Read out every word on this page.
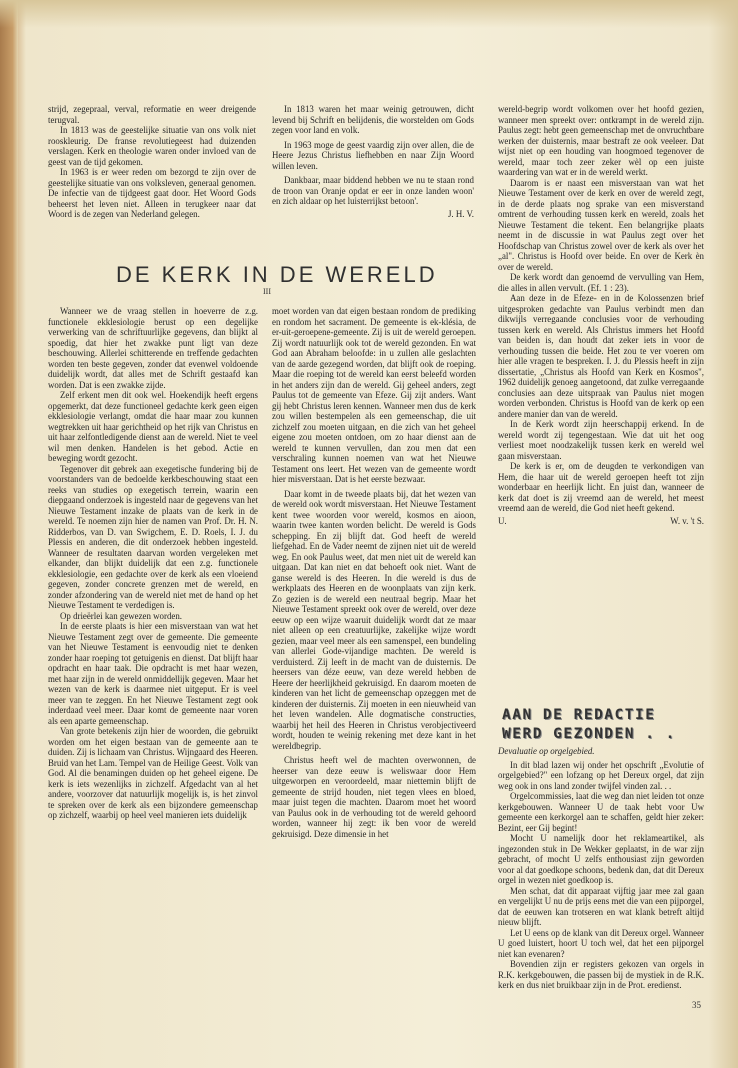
strijd, zegepraal, verval, reformatie en weer dreigende terugval.

In 1813 was de geestelijke situatie van ons volk niet rooskleurig. De franse revolutiegeest had duizenden verslagen. Kerk en theologie waren onder invloed van de geest van de tijd gekomen.

In 1963 is er weer reden om bezorgd te zijn over de geestelijke situatie van ons volksleven, generaal genomen. De infectie van de tijdgeest gaat door. Het Woord Gods beheerst het leven niet. Alleen in terugkeer naar dat Woord is de zegen van Nederland gelegen.

In 1813 waren het maar weinig getrouwen, dicht levend bij Schrift en belijdenis, die worstelden om Gods zegen voor land en volk.

In 1963 moge de geest vaardig zijn over allen, die de Heere Jezus Christus liefhebben en naar Zijn Woord willen leven.

Dankbaar, maar biddend hebben we nu te staan rond de troon van Oranje opdat er eer in onze landen woon' en zich aldaar op het luisterrijkst betoon'.

J. H. V.
DE KERK IN DE WERELD
III

Wanneer we de vraag stellen in hoeverre de z.g. functionele ekklesiologie berust op een degelijke verwerking van de schriftuurlijke gegevens, dan blijkt al spoedig, dat hier het zwakke punt ligt van deze beschouwing. Allerlei schitterende en treffende gedachten worden ten beste gegeven, zonder dat evenwel voldoende duidelijk wordt, dat alles met de Schrift gestaafd kan worden. Dat is een zwakke zijde.

Zelf erkent men dit ook wel. Hoekendijk heeft ergens opgemerkt, dat deze functioneel gedachte kerk geen eigen ekklesiologie verlangt, omdat die haar maar zou kunnen wegtrekken uit haar gerichtheid op het rijk van Christus en uit haar zelfontledigende dienst aan de wereld. Niet te veel wil men denken. Handelen is het gebod. Actie en beweging wordt gezocht.

Tegenover dit gebrek aan exegetische fundering bij de voorstanders van de bedoelde kerkbeschouwing staat een reeks van studies op exegetisch terrein, waarin een diepgaand onderzoek is ingesteld naar de gegevens van het Nieuwe Testament inzake de plaats van de kerk in de wereld. Te noemen zijn hier de namen van Prof. Dr. H. N. Ridderbos, van D. van Swigchem, E. D. Roels, I. J. du Plessis en anderen, die dit onderzoek hebben ingesteld. Wanneer de resultaten daarvan worden vergeleken met elkander, dan blijkt duidelijk dat een z.g. functionele ekklesiologie, een gedachte over de kerk als een vloeiend gegeven, zonder concrete grenzen met de wereld, en zonder afzondering van de wereld niet met de hand op het Nieuwe Testament te verdedigen is.

Op drieërlei kan gewezen worden.

In de eerste plaats is hier een misverstaan van wat het Nieuwe Testament zegt over de gemeente. Die gemeente van het Nieuwe Testament is eenvoudig niet te denken zonder haar roeping tot getuigenis en dienst. Dat blijft haar opdracht en haar taak. Die opdracht is met haar wezen, met haar zijn in de wereld onmiddellijk gegeven. Maar het wezen van de kerk is daarmee niet uitgeput. Er is veel meer van te zeggen. En het Nieuwe Testament zegt ook inderdaad veel meer. Daar komt de gemeente naar voren als een aparte gemeenschap.

Van grote betekenis zijn hier de woorden, die gebruikt worden om het eigen bestaan van de gemeente aan te duiden. Zij is lichaam van Christus. Wijngaard des Heeren. Bruid van het Lam. Tempel van de Heilige Geest. Volk van God. Al die benamingen duiden op het geheel eigene. De kerk is iets wezenlijks in zichzelf. Afgedacht van al het andere, voorzover dat natuurlijk mogelijk is, is het zinvol te spreken over de kerk als een bijzondere gemeenschap op zichzelf, waarbij op heel veel manieren iets duidelijk

moet worden van dat eigen bestaan rondom de prediking en rondom het sacrament. De gemeente is ek-klésia, de er-uit-geroepene-gemeente. Zij is uit de wereld geroepen. Zij wordt natuurlijk ook tot de wereld gezonden. En wat God aan Abraham beloofde: in u zullen alle geslachten van de aarde gezegend worden, dat blijft ook de roeping. Maar die roeping tot de wereld kan eerst beleefd worden in het anders zijn dan de wereld. Gij geheel anders, zegt Paulus tot de gemeente van Efeze. Gij zijt anders. Want gij hebt Christus leren kennen. Wanneer men dus de kerk zou willen bestempelen als een gemeenschap, die uit zichzelf zou moeten uitgaan, en die zich van het geheel eigene zou moeten ontdoen, om zo haar dienst aan de wereld te kunnen vervullen, dan zou men dat een verschraling kunnen noemen van wat het Nieuwe Testament ons leert. Het wezen van de gemeente wordt hier misverstaan. Dat is het eerste bezwaar.

Daar komt in de tweede plaats bij, dat het wezen van de wereld ook wordt misverstaan. Het Nieuwe Testament kent twee woorden voor wereld, kosmos en aioon, waarin twee kanten worden belicht. De wereld is Gods schepping. En zij blijft dat. God heeft de wereld liefgehad. En de Vader neemt de zijnen niet uit de wereld weg. En ook Paulus weet, dat men niet uit de wereld kan uitgaan. Dat kan niet en dat behoeft ook niet. Want de ganse wereld is des Heeren. In die wereld is dus de werkplaats des Heeren en de woonplaats van zijn kerk. Zo gezien is de wereld een neutraal begrip. Maar het Nieuwe Testament spreekt ook over de wereld, over deze eeuw op een wijze waaruit duidelijk wordt dat ze maar niet alleen op een creatuurlijke, zakelijke wijze wordt gezien, maar veel meer als een samenspel, een bundeling van allerlei Gode-vijandige machten. De wereld is verduisterd. Zij leeft in de macht van de duisternis. De heersers van déze eeuw, van deze wereld hebben de Heere der heerlijkheid gekruisigd. En daarom moeten de kinderen van het licht de gemeenschap opzeggen met de kinderen der duisternis. Zij moeten in een nieuwheid van het leven wandelen. Alle dogmatische constructies, waarbij het heil des Heeren in Christus verobjectiveerd wordt, houden te weinig rekening met deze kant in het wereldbegrip.

Christus heeft wel de machten overwonnen, de heerser van deze eeuw is weliswaar door Hem uitgeworpen en veroordeeld, maar niettemin blijft de gemeente de strijd houden, niet tegen vlees en bloed, maar juist tegen die machten. Daarom moet het woord van Paulus ook in de verhouding tot de wereld gehoord worden, wanneer hij zegt: ik ben voor de wereld gekruisigd. Deze dimensie in het

wereld-begrip wordt volkomen over het hoofd gezien, wanneer men spreekt over: ontkrampt in de wereld zijn. Paulus zegt: hebt geen gemeenschap met de onvruchtbare werken der duisternis, maar bestraft ze ook veeleer. Dat wijst niet op een houding van hoogmoed tegenover de wereld, maar toch zeer zeker wèl op een juiste waardering van wat er in de wereld werkt.

Daarom is er naast een misverstaan van wat het Nieuwe Testament over de kerk en over de wereld zegt, in de derde plaats nog sprake van een misverstand omtrent de verhouding tussen kerk en wereld, zoals het Nieuwe Testament die tekent. Een belangrijke plaats neemt in de discussie in wat Paulus zegt over het Hoofdschap van Christus zowel over de kerk als over het „al". Christus is Hoofd over beide. En over de Kerk èn over de wereld.

De kerk wordt dan genoemd de vervulling van Hem, die alles in allen vervult. (Ef. 1 : 23).

Aan deze in de Efeze- en in de Kolossenzen brief uitgesproken gedachte van Paulus verbindt men dan dikwijls verregaande conclusies voor de verhouding tussen kerk en wereld. Als Christus immers het Hoofd van beiden is, dan houdt dat zeker iets in voor de verhouding tussen die beide. Het zou te ver voeren om hier alle vragen te bespreken. I. J. du Plessis heeft in zijn dissertatie, „Christus als Hoofd van Kerk en Kosmos", 1962 duidelijk genoeg aangetoond, dat zulke verregaande conclusies aan deze uitspraak van Paulus niet mogen worden verbonden. Christus is Hoofd van de kerk op een andere manier dan van de wereld.

In de Kerk wordt zijn heerschappij erkend. In de wereld wordt zij tegengestaan. Wie dat uit het oog verliest moet noodzakelijk tussen kerk en wereld wel gaan misverstaan.

De kerk is er, om de deugden te verkondigen van Hem, die haar uit de wereld geroepen heeft tot zijn wonderbaar en heerlijk licht. En juist dan, wanneer de kerk dat doet is zij vreemd aan de wereld, het meest vreemd aan de wereld, die God niet heeft gekend.

U.	W. v. 't S.
AAN DE REDACTIE
WERD GEZONDEN . .

Devaluatie op orgelgebied.

In dit blad lazen wij onder het opschrift „Evolutie of orgelgebied?" een lofzang op het Dereux orgel, dat zijn weg ook in ons land zonder twijfel vinden zal. . .

Orgelcommissies, laat die weg dan niet leiden tot onze kerkgebouwen. Wanneer U de taak hebt voor Uw gemeente een kerkorgel aan te schaffen, geldt hier zeker: Bezint, eer Gij begint!

Mocht U namelijk door het reklameartikel, als ingezonden stuk in De Wekker geplaatst, in de war zijn gebracht, of mocht U zelfs enthousiast zijn geworden voor al dat goedkope schoons, bedenk dan, dat dit Dereux orgel in wezen niet goedkoop is.

Men schat, dat dit apparaat vijftig jaar mee zal gaan en vergelijkt U nu de prijs eens met die van een pijporgel, dat de eeuwen kan trotseren en wat klank betreft altijd nieuw blijft.

Let U eens op de klank van dit Dereux orgel. Wanneer U goed luistert, hoort U toch wel, dat het een pijporgel niet kan evenaren?

Bovendien zijn er registers gekozen van orgels in R.K. kerkgebouwen, die passen bij de mystiek in de R.K. kerk en dus niet bruikbaar zijn in de Prot. eredienst.

35
